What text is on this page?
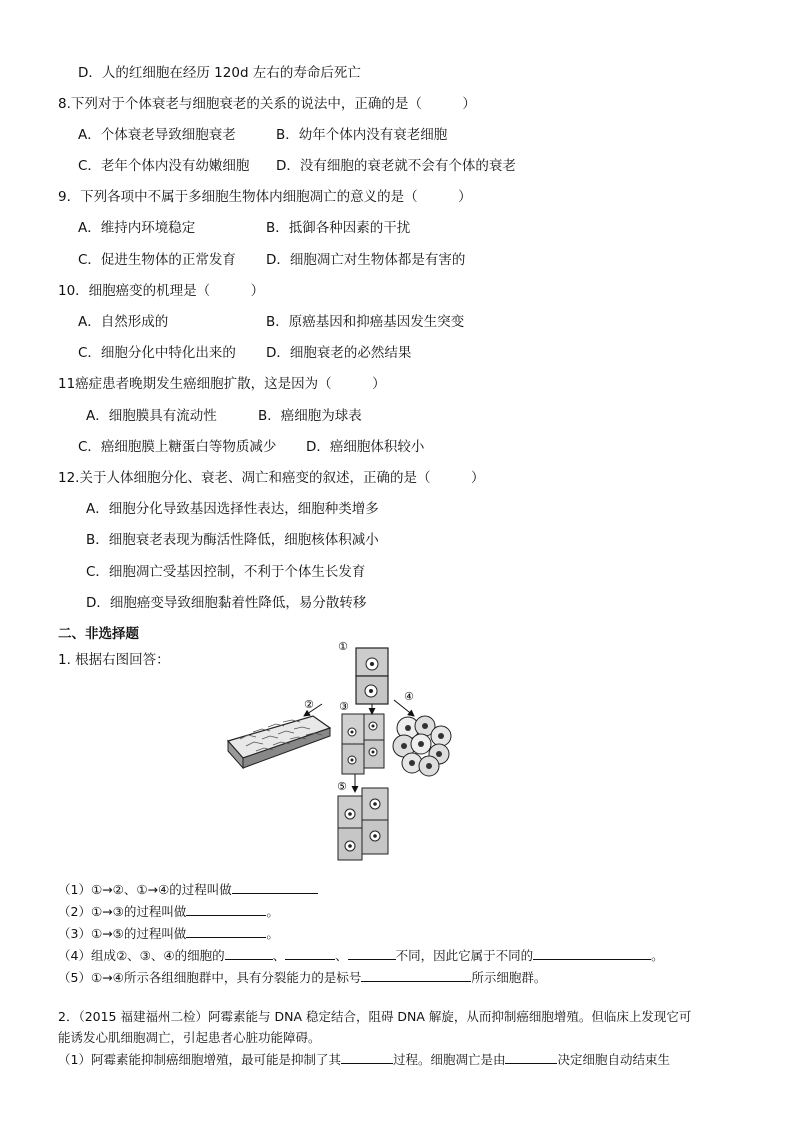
D．人的红细胞在经历 120d 左右的寿命后死亡
8.下列对于个体衰老与细胞衰老的关系的说法中，正确的是（　　　）
A．个体衰老导致细胞衰老	B．幼年个体内没有衰老细胞
C．老年个体内没有幼嫩细胞 D．没有细胞的衰老就不会有个体的衰老
9．下列各项中不属于多细胞生物体内细胞凋亡的意义的是（　　　）
A．维持内环境稳定	B．抵御各种因素的干扰
C．促进生物体的正常发育 D．细胞凋亡对生物体都是有害的
10．细胞癌变的机理是（　　　）
A．自然形成的	B．原癌基因和抑癌基因发生突变
C．细胞分化中特化出来的 D．细胞衰老的必然结果
11癌症患者晚期发生癌细胞扩散，这是因为（　　　）
A．细胞膜具有流动性	B．癌细胞为球表
C．癌细胞膜上糖蛋白等物质减少 D．癌细胞体积较小
12.关于人体细胞分化、衰老、凋亡和癌变的叙述，正确的是（　　　）
A．细胞分化导致基因选择性表达，细胞种类增多
B．细胞衰老表现为酶活性降低，细胞核体积减小
C．细胞凋亡受基因控制，不利于个体生长发育
D．细胞癌变导致细胞黏着性降低，易分散转移
二、非选择题
1. 根据右图回答：
①
② ③
④
⑤
（1）①→②、①→④的过程叫做
（2）①→③的过程叫做	。
（3）①→⑤的过程叫做	。
（4）组成②、③、④的细胞的	、	、	不同，因此它属于不同的	。
（5）①→④所示各组细胞群中，具有分裂能力的是标号	所示细胞群。
2．（2015 福建福州二检）阿霉素能与 DNA 稳定结合，阻碍 DNA 解旋，从而抑制癌细胞增殖。但临床上发现它可
能诱发心肌细胞凋亡，引起患者心脏功能障碍。
（1）阿霉素能抑制癌细胞增殖，最可能是抑制了其	过程。细胞凋亡是由	决定细胞自动结束生
